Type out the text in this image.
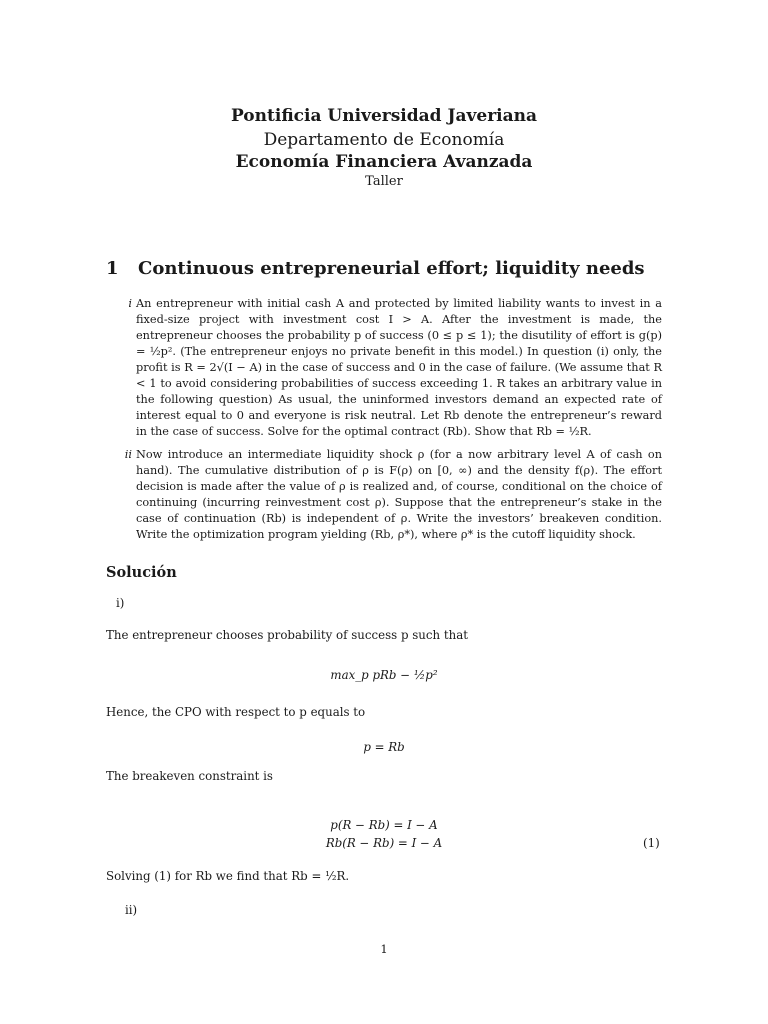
Pontificia Universidad Javeriana
Departamento de Economía
Economía Financiera Avanzada
Taller
1 Continuous entrepreneurial effort; liquidity needs
i An entrepreneur with initial cash A and protected by limited liability wants to invest in a fixed-size project with investment cost I > A. After the investment is made, the entrepreneur chooses the probability p of success (0 ≤ p ≤ 1); the disutility of effort is g(p) = ½p². (The entrepreneur enjoys no private benefit in this model.) In question (i) only, the profit is R = 2√(I − A) in the case of success and 0 in the case of failure. (We assume that R < 1 to avoid considering probabilities of success exceeding 1. R takes an arbitrary value in the following question) As usual, the uninformed investors demand an expected rate of interest equal to 0 and everyone is risk neutral. Let Rb denote the entrepreneur’s reward in the case of success. Solve for the optimal contract (Rb). Show that Rb = ½R.
ii Now introduce an intermediate liquidity shock ρ (for a now arbitrary level A of cash on hand). The cumulative distribution of ρ is F(ρ) on [0, ∞) and the density f(ρ). The effort decision is made after the value of ρ is realized and, of course, conditional on the choice of continuing (incurring reinvestment cost ρ). Suppose that the entrepreneur’s stake in the case of continuation (Rb) is independent of ρ. Write the investors’ breakeven condition. Write the optimization program yielding (Rb, ρ*), where ρ* is the cutoff liquidity shock.
Solución
i)
The entrepreneur chooses probability of success p such that
max_p pRb − ½p²
Hence, the CPO with respect to p equals to
p = Rb
The breakeven constraint is
p(R − Rb) = I − A
Rb(R − Rb) = I − A	(1)
Solving (1) for Rb we find that Rb = ½R.
ii)
1
